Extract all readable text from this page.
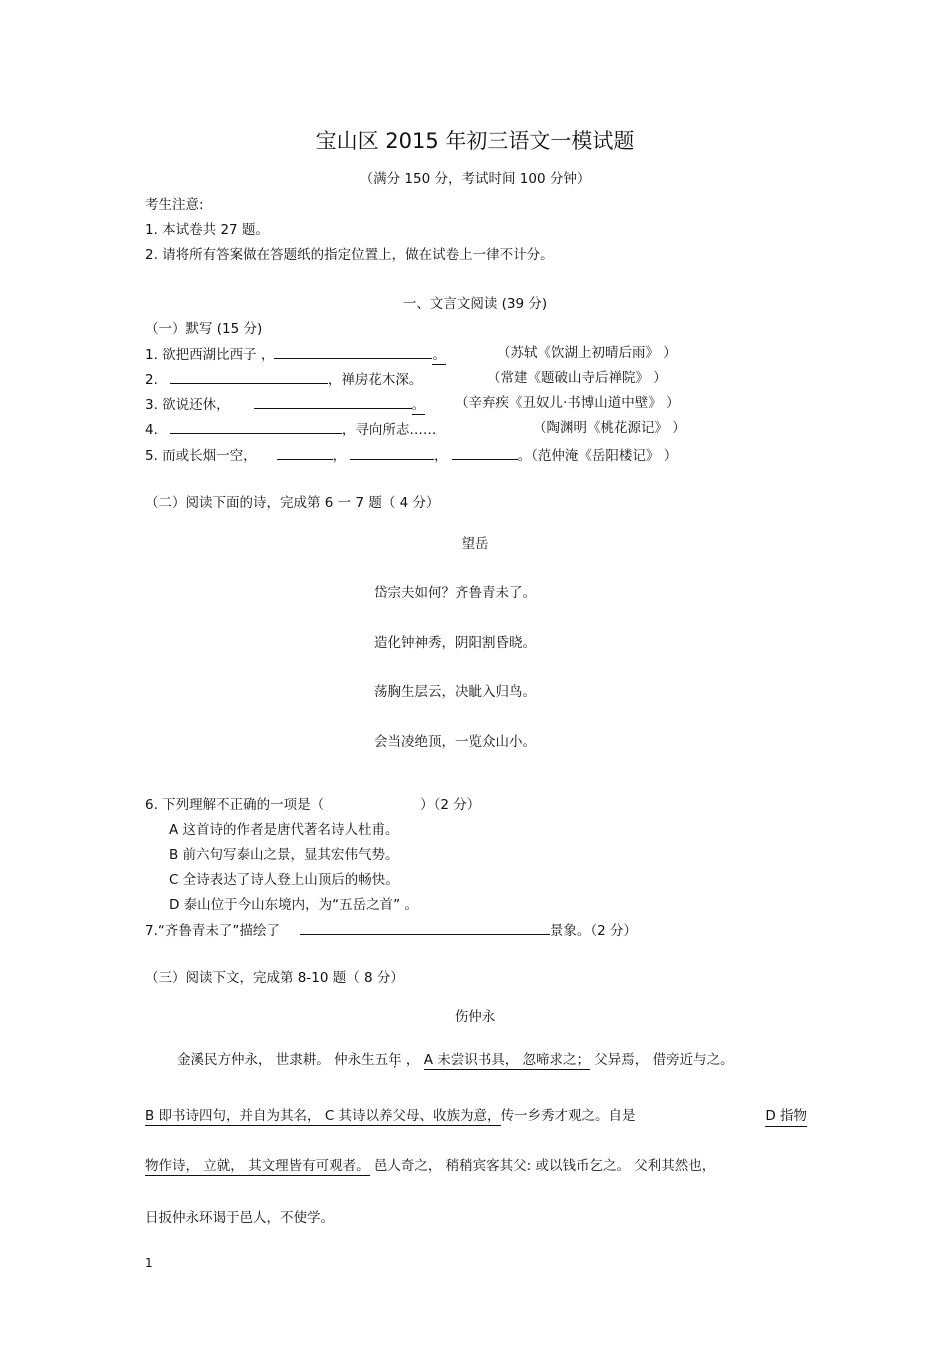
宝山区 2015 年初三语文一模试题
（满分 150 分，考试时间 100 分钟）
考生注意:
1. 本试卷共 27 题。
2. 请将所有答案做在答题纸的指定位置上，做在试卷上一律不计分。
一、文言文阅读 (39 分)
（一）默写 (15 分)
1. 欲把西湖比西子 ，	。	（苏轼《饮湖上初晴后雨》 ）
2.	，禅房花木深。	（常建《题破山寺后禅院》 ）
3. 欲说还休，	。 （辛弃疾《丑奴儿·书博山道中壁》 ）
4.	，寻向所志……	（陶渊明《桃花源记》 ）
5. 而或长烟一空，	，	，	。（范仲淹《岳阳楼记》 ）
（二）阅读下面的诗，完成第 6 一 7 题（ 4 分）
望岳
岱宗夫如何？齐鲁青未了。
造化钟神秀，阴阳割昏晓。
荡胸生层云，决眦入归鸟。
会当凌绝顶，一览众山小。
6. 下列理解不正确的一项是（	）（2 分）
A 这首诗的作者是唐代著名诗人杜甫。
B 前六句写泰山之景，显其宏伟气势。
C 全诗表达了诗人登上山顶后的畅快。
D 泰山位于今山东境内，为“五岳之首” 。
7.“齐鲁青未了”描绘了	景象。（2 分）
（三）阅读下文，完成第 8-10 题（ 8 分）
伤仲永
金溪民方仲永， 世隶耕。 仲永生五年 ， A 未尝识书具， 忽啼求之； 父异焉， 借旁近与之。
B 即书诗四句，并自为其名， C 其诗以养父母、收族为意，传一乡秀才观之。自是	D 指物
物作诗， 立就， 其文理皆有可观者。 邑人奇之， 稍稍宾客其父: 或以钱币乞之。 父利其然也，
日扳仲永环谒于邑人，不使学。
1
